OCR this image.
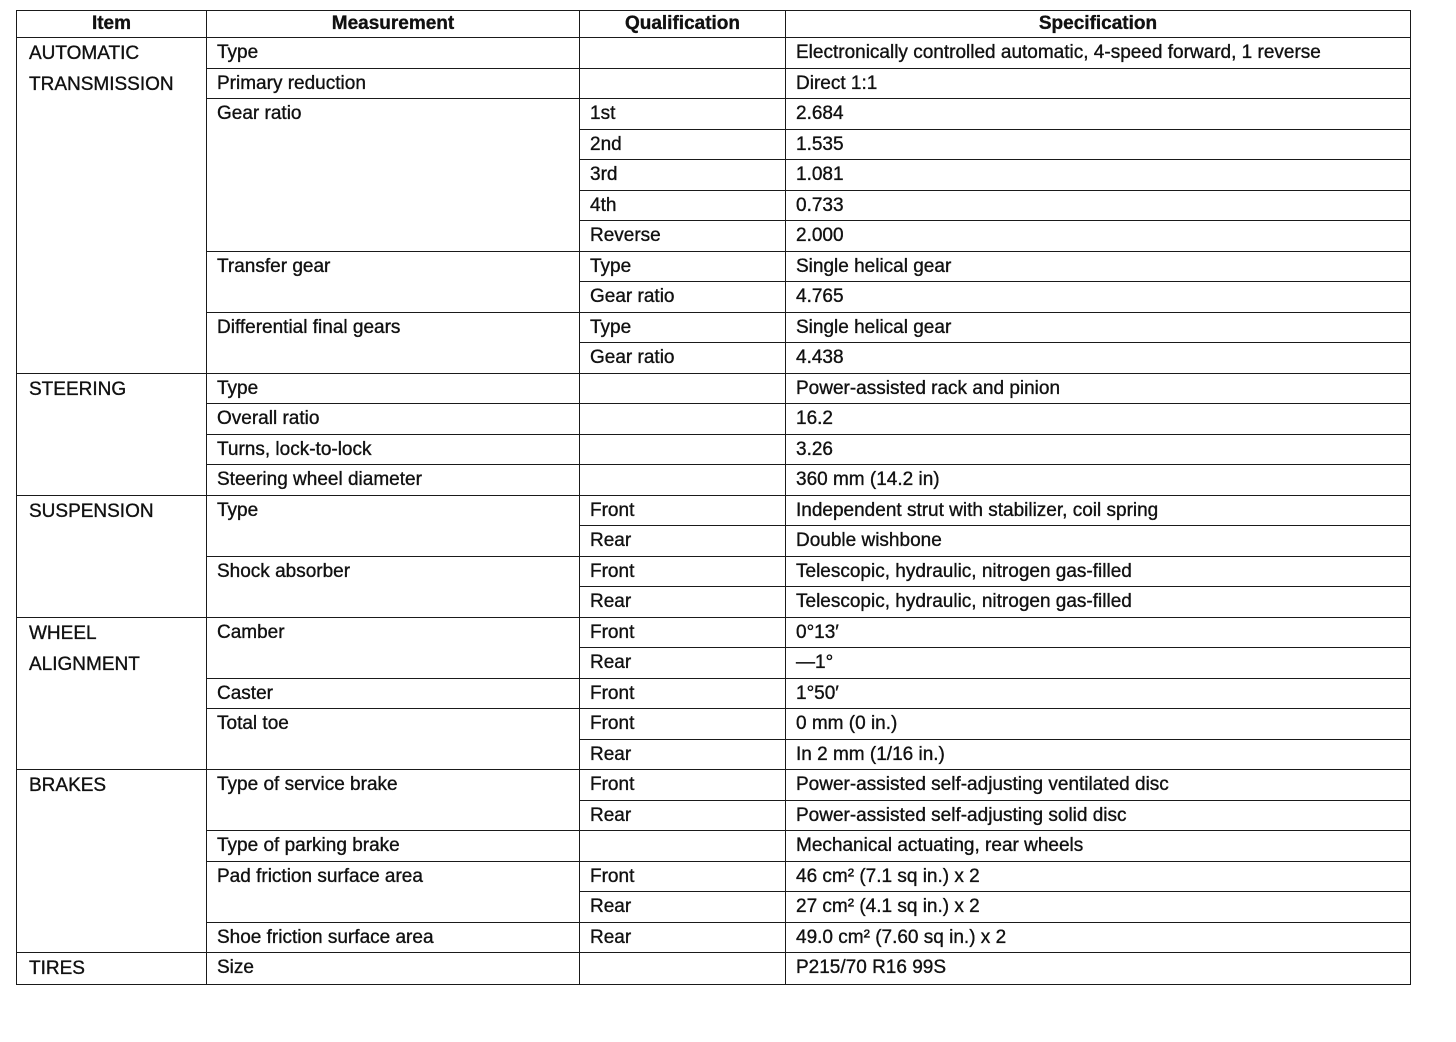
Item	Measurement	Qualification	Specification

AUTOMATIC
TRANSMISSION	Type		Electronically controlled automatic, 4-speed forward, 1 reverse
	Primary reduction		Direct 1:1
	Gear ratio	1st	2.684
		2nd	1.535
		3rd	1.081
		4th	0.733
		Reverse	2.000
	Transfer gear	Type	Single helical gear
		Gear ratio	4.765
	Differential final gears	Type	Single helical gear
		Gear ratio	4.438

STEERING	Type		Power-assisted rack and pinion
	Overall ratio		16.2
	Turns, lock-to-lock		3.26
	Steering wheel diameter		360 mm (14.2 in)

SUSPENSION	Type	Front	Independent strut with stabilizer, coil spring
		Rear	Double wishbone
	Shock absorber	Front	Telescopic, hydraulic, nitrogen gas-filled
		Rear	Telescopic, hydraulic, nitrogen gas-filled

WHEEL
ALIGNMENT	Camber	Front	0°13′
		Rear	—1°
	Caster	Front	1°50′
	Total toe	Front	0 mm (0 in.)
		Rear	In 2 mm (1/16 in.)

BRAKES	Type of service brake	Front	Power-assisted self-adjusting ventilated disc
		Rear	Power-assisted self-adjusting solid disc
	Type of parking brake		Mechanical actuating, rear wheels
	Pad friction surface area	Front	46 cm² (7.1 sq in.) x 2
		Rear	27 cm² (4.1 sq in.) x 2
	Shoe friction surface area	Rear	49.0 cm² (7.60 sq in.) x 2

TIRES	Size		P215/70 R16 99S
